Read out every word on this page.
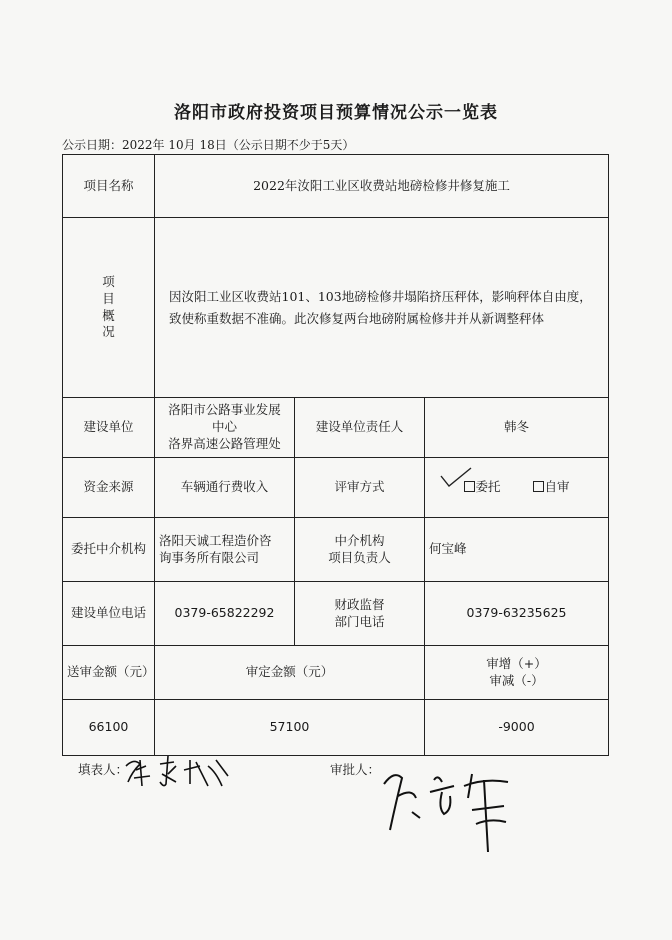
洛阳市政府投资项目预算情况公示一览表
公示日期：2022年 10月 18日（公示日期不少于5天）
项目名称	2022年汝阳工业区收费站地磅检修井修复施工		
项
目
概
况	因汝阳工业区收费站101、103地磅检修井塌陷挤压秤体，影响秤体自由度，致使称重数据不准确。此次修复两台地磅附属检修井并从新调整秤体		
建设单位	洛阳市公路事业发展
中心
洛界高速公路管理处	建设单位责任人	韩冬
资金来源	车辆通行费收入	评审方式	委托 自审
委托中介机构	洛阳天诚工程造价咨
询事务所有限公司	中介机构
项目负责人	何宝峰
建设单位电话	0379-65822292	财政监督
部门电话	0379-63235625
送审金额（元）	审定金额（元）		审增（+）
审减（-）
66100	57100		-9000
填表人：	审批人：
